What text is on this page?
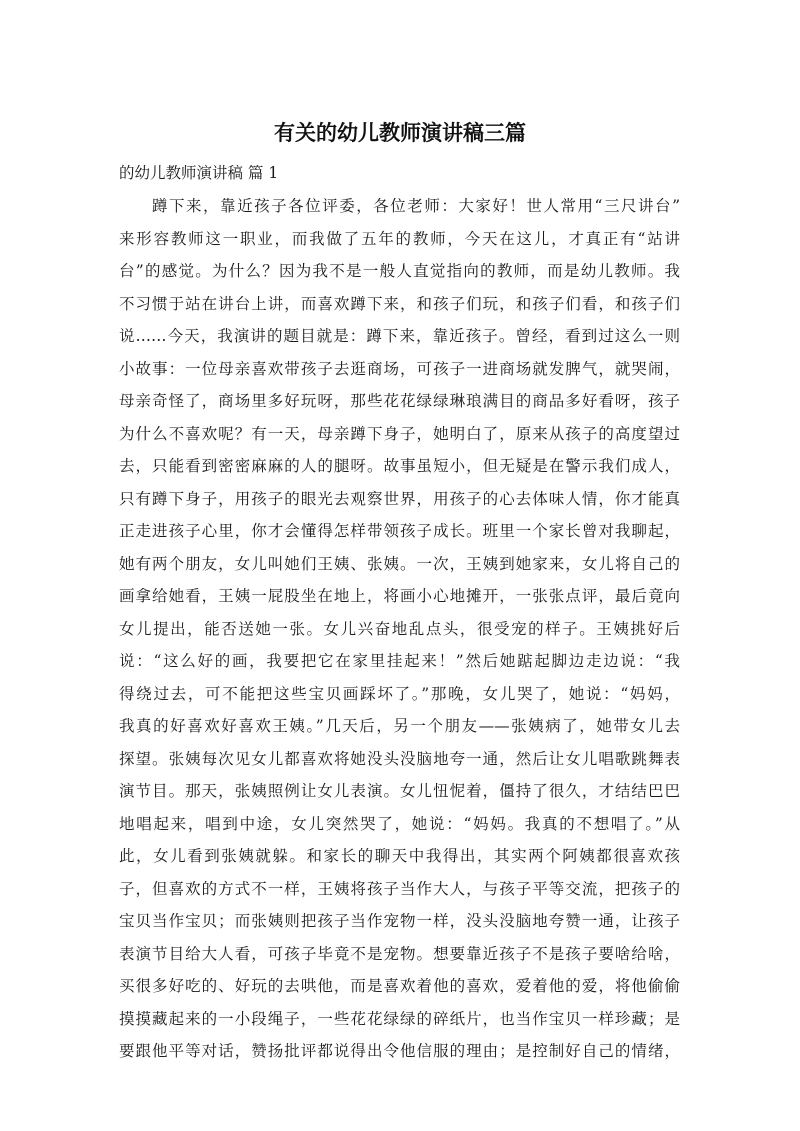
有关的幼儿教师演讲稿三篇

的幼儿教师演讲稿 篇 1

蹲下来，靠近孩子各位评委，各位老师：大家好！世人常用“三尺讲台”
来形容教师这一职业，而我做了五年的教师，今天在这儿，才真正有“站讲
台”的感觉。为什么？因为我不是一般人直觉指向的教师，而是幼儿教师。我
不习惯于站在讲台上讲，而喜欢蹲下来，和孩子们玩，和孩子们看，和孩子们
说……今天，我演讲的题目就是：蹲下来，靠近孩子。曾经，看到过这么一则
小故事：一位母亲喜欢带孩子去逛商场，可孩子一进商场就发脾气，就哭闹，
母亲奇怪了，商场里多好玩呀，那些花花绿绿琳琅满目的商品多好看呀，孩子
为什么不喜欢呢？有一天，母亲蹲下身子，她明白了，原来从孩子的高度望过
去，只能看到密密麻麻的人的腿呀。故事虽短小，但无疑是在警示我们成人，
只有蹲下身子，用孩子的眼光去观察世界，用孩子的心去体味人情，你才能真
正走进孩子心里，你才会懂得怎样带领孩子成长。班里一个家长曾对我聊起，
她有两个朋友，女儿叫她们王姨、张姨。一次，王姨到她家来，女儿将自己的
画拿给她看，王姨一屁股坐在地上，将画小心地摊开，一张张点评，最后竟向
女儿提出，能否送她一张。女儿兴奋地乱点头，很受宠的样子。王姨挑好后
说：“这么好的画，我要把它在家里挂起来！”然后她踮起脚边走边说：“我
得绕过去，可不能把这些宝贝画踩坏了。”那晚，女儿哭了，她说：“妈妈，
我真的好喜欢好喜欢王姨。”几天后，另一个朋友——张姨病了，她带女儿去
探望。张姨每次见女儿都喜欢将她没头没脑地夸一通，然后让女儿唱歌跳舞表
演节目。那天，张姨照例让女儿表演。女儿忸怩着，僵持了很久，才结结巴巴
地唱起来，唱到中途，女儿突然哭了，她说：“妈妈。我真的不想唱了。”从
此，女儿看到张姨就躲。和家长的聊天中我得出，其实两个阿姨都很喜欢孩
子，但喜欢的方式不一样，王姨将孩子当作大人，与孩子平等交流，把孩子的
宝贝当作宝贝；而张姨则把孩子当作宠物一样，没头没脑地夸赞一通，让孩子
表演节目给大人看，可孩子毕竟不是宠物。想要靠近孩子不是孩子要啥给啥，
买很多好吃的、好玩的去哄他，而是喜欢着他的喜欢，爱着他的爱，将他偷偷
摸摸藏起来的一小段绳子，一些花花绿绿的碎纸片，也当作宝贝一样珍藏；是
要跟他平等对话，赞扬批评都说得出令他信服的理由；是控制好自己的情绪，
